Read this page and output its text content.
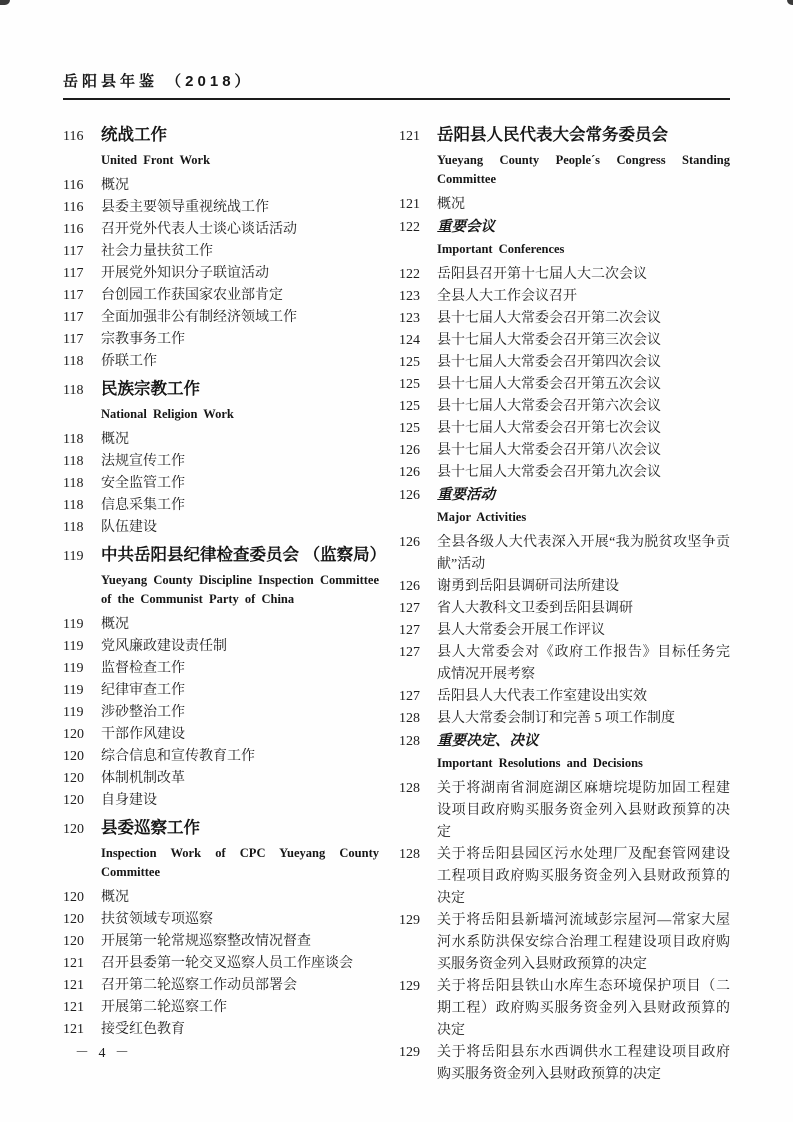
岳阳县年鉴 （2018）
116	统战工作
United Front Work
116	概况
116	县委主要领导重视统战工作
116	召开党外代表人士谈心谈话活动
117	社会力量扶贫工作
117	开展党外知识分子联谊活动
117	台创园工作获国家农业部肯定
117	全面加强非公有制经济领域工作
117	宗教事务工作
118	侨联工作
118	民族宗教工作
National Religion Work
118	概况
118	法规宣传工作
118	安全监管工作
118	信息采集工作
118	队伍建设
119	中共岳阳县纪律检查委员会 （监察局）
Yueyang County Discipline Inspection Committee of the Communist Party of China
119	概况
119	党风廉政建设责任制
119	监督检查工作
119	纪律审查工作
119	涉砂整治工作
120	干部作风建设
120	综合信息和宣传教育工作
120	体制机制改革
120	自身建设
120	县委巡察工作
Inspection Work of CPC Yueyang County Committee
120	概况
120	扶贫领域专项巡察
120	开展第一轮常规巡察整改情况督查
121	召开县委第一轮交叉巡察人员工作座谈会
121	召开第二轮巡察工作动员部署会
121	开展第二轮巡察工作
121	接受红色教育
121	岳阳县人民代表大会常务委员会
Yueyang County People´s Congress Standing Committee
121	概况
122	重要会议
Important Conferences
122	岳阳县召开第十七届人大二次会议
123	全县人大工作会议召开
123	县十七届人大常委会召开第二次会议
124	县十七届人大常委会召开第三次会议
125	县十七届人大常委会召开第四次会议
125	县十七届人大常委会召开第五次会议
125	县十七届人大常委会召开第六次会议
125	县十七届人大常委会召开第七次会议
126	县十七届人大常委会召开第八次会议
126	县十七届人大常委会召开第九次会议
126	重要活动
Major Activities
126	全县各级人大代表深入开展“我为脱贫攻坚争贡献”活动
126	谢勇到岳阳县调研司法所建设
127	省人大教科文卫委到岳阳县调研
127	县人大常委会开展工作评议
127	县人大常委会对《政府工作报告》目标任务完成情况开展考察
127	岳阳县人大代表工作室建设出实效
128	县人大常委会制订和完善 5 项工作制度
128	重要决定、决议
Important Resolutions and Decisions
128	关于将湖南省洞庭湖区麻塘垸堤防加固工程建设项目政府购买服务资金列入县财政预算的决定
128	关于将岳阳县园区污水处理厂及配套管网建设工程项目政府购买服务资金列入县财政预算的决定
129	关于将岳阳县新墙河流域彭宗屋河—常家大屋河水系防洪保安综合治理工程建设项目政府购买服务资金列入县财政预算的决定
129	关于将岳阳县铁山水库生态环境保护项目（二期工程）政府购买服务资金列入县财政预算的决定
129	关于将岳阳县东水西调供水工程建设项目政府购买服务资金列入县财政预算的决定
－ 4 －
